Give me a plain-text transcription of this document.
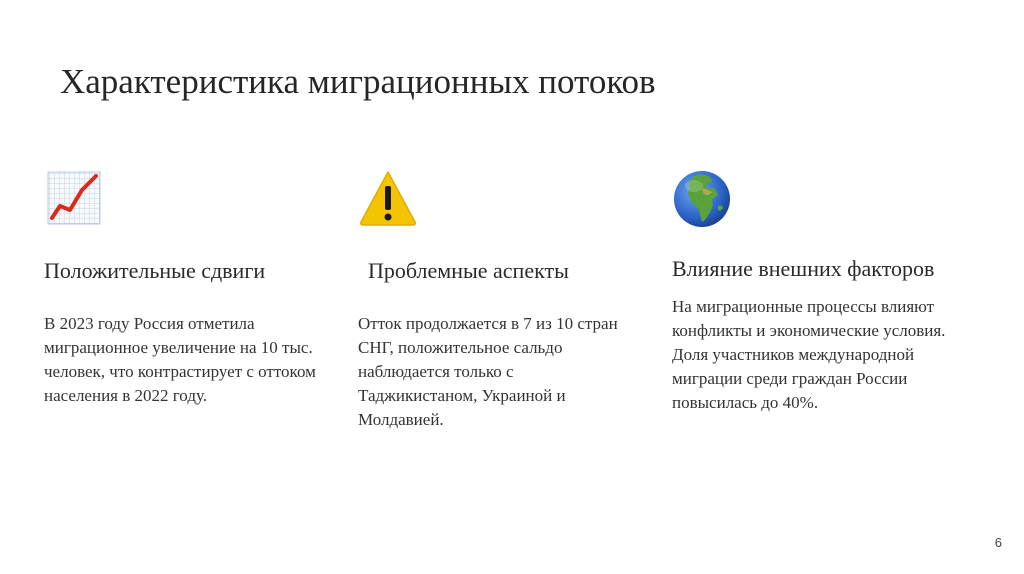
Характеристика миграционных потоков
Положительные сдвиги
В 2023 году Россия отметила миграционное увеличение на 10 тыс. человек, что контрастирует с оттоком населения в 2022 году.
Проблемные аспекты
Отток продолжается в 7 из 10 стран СНГ, положительное сальдо наблюдается только с Таджикистаном, Украиной и Молдавией.
Влияние внешних факторов
На миграционные процессы влияют конфликты и экономические условия. Доля участников международной миграции среди граждан России повысилась до 40%.
6
